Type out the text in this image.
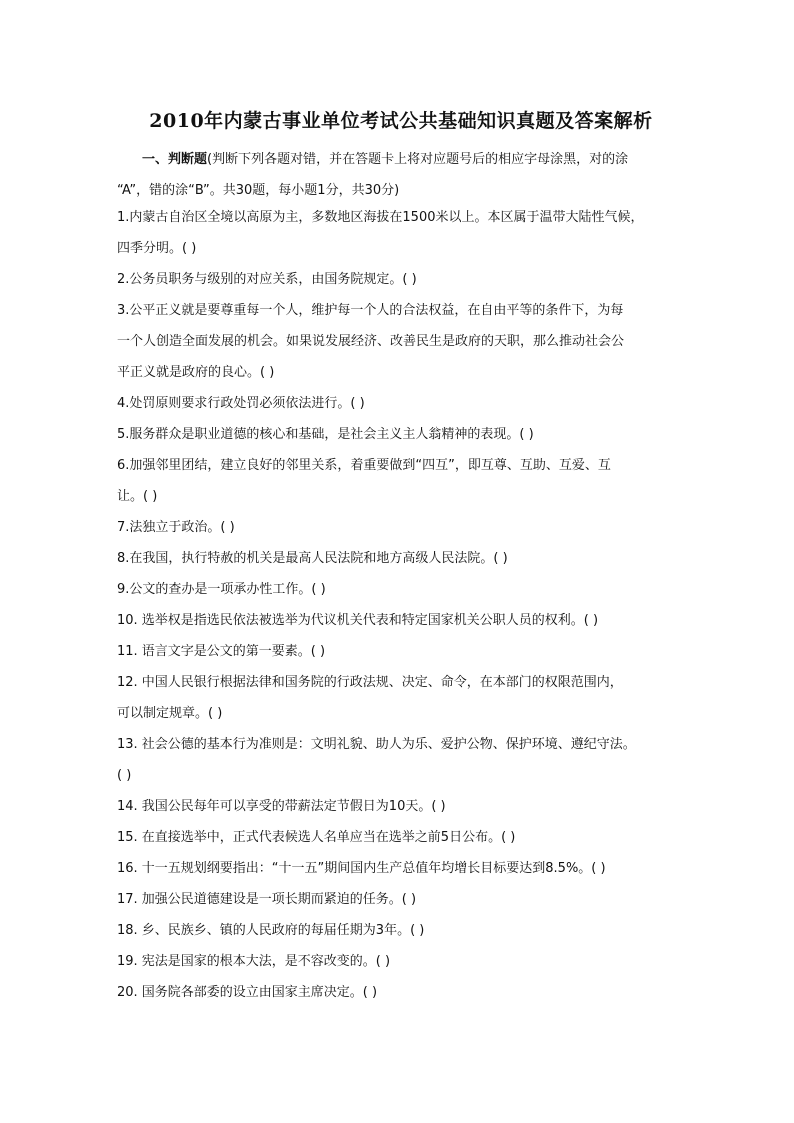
2010年内蒙古事业单位考试公共基础知识真题及答案解析
一、判断题(判断下列各题对错，并在答题卡上将对应题号后的相应字母涂黑，对的涂
“A”，错的涂“B”。共30题，每小题1分，共30分)
1.内蒙古自治区全境以高原为主，多数地区海拔在1500米以上。本区属于温带大陆性气候，
四季分明。( )
2.公务员职务与级别的对应关系，由国务院规定。( )
3.公平正义就是要尊重每一个人，维护每一个人的合法权益，在自由平等的条件下，为每
一个人创造全面发展的机会。如果说发展经济、改善民生是政府的天职，那么推动社会公
平正义就是政府的良心。( )
4.处罚原则要求行政处罚必须依法进行。( )
5.服务群众是职业道德的核心和基础，是社会主义主人翁精神的表现。( )
6.加强邻里团结，建立良好的邻里关系，着重要做到“四互”，即互尊、互助、互爱、互
让。( )
7.法独立于政治。( )
8.在我国，执行特赦的机关是最高人民法院和地方高级人民法院。( )
9.公文的查办是一项承办性工作。( )
10. 选举权是指选民依法被选举为代议机关代表和特定国家机关公职人员的权利。( )
11. 语言文字是公文的第一要素。( )
12. 中国人民银行根据法律和国务院的行政法规、决定、命令，在本部门的权限范围内，
可以制定规章。( )
13. 社会公德的基本行为准则是：文明礼貌、助人为乐、爱护公物、保护环境、遵纪守法。
( )
14. 我国公民每年可以享受的带薪法定节假日为10天。( )
15. 在直接选举中，正式代表候选人名单应当在选举之前5日公布。( )
16. 十一五规划纲要指出：“十一五”期间国内生产总值年均增长目标要达到8.5%。( )
17. 加强公民道德建设是一项长期而紧迫的任务。( )
18. 乡、民族乡、镇的人民政府的每届任期为3年。( )
19. 宪法是国家的根本大法，是不容改变的。( )
20. 国务院各部委的设立由国家主席决定。( )
